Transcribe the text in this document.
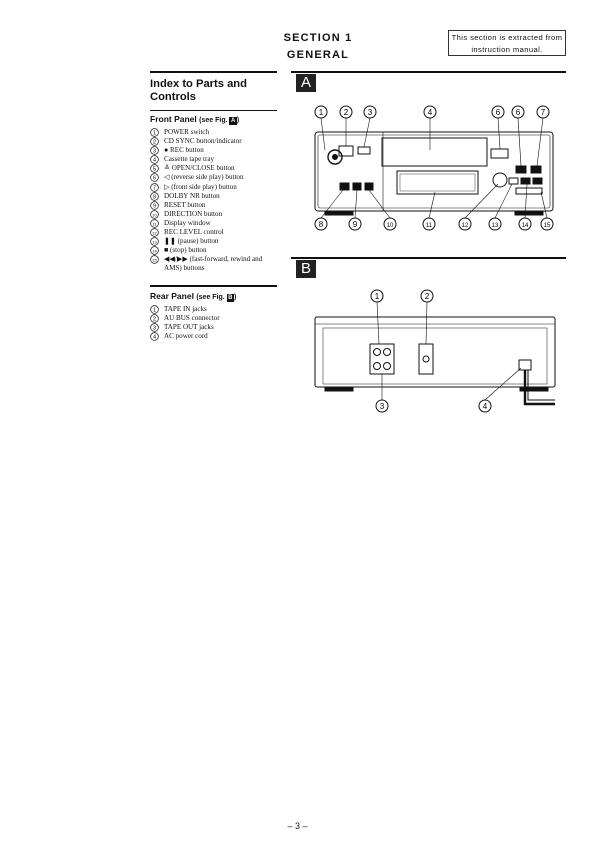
SECTION 1
GENERAL
This section is extracted from instruction manual.
Index to Parts and Controls
Front Panel (see Fig. A )
1 POWER switch
2 CD SYNC button/indicator
3 ● REC button
4 Cassette tape tray
5 ≙ OPEN/CLOSE button
6 ◁ (reverse side play) button
7 ▷ (front side play) button
8 DOLBY NR button
9 RESET button
10 DIRECTION button
11 Display window
12 REC LEVEL control
13 ❚❚ (pause) button
14 ■ (stop) button
15 ◀◀/▶▶ (fast-forward, rewind and AMS) buttons
Rear Panel (see Fig. B )
1 TAPE IN jacks
2 AU BUS connector
3 TAPE OUT jacks
4 AC power cord
A
1	2 3	4	6 6	7
8	9	10	11	12	13	14	15
B
1	2
3	4
– 3 –
